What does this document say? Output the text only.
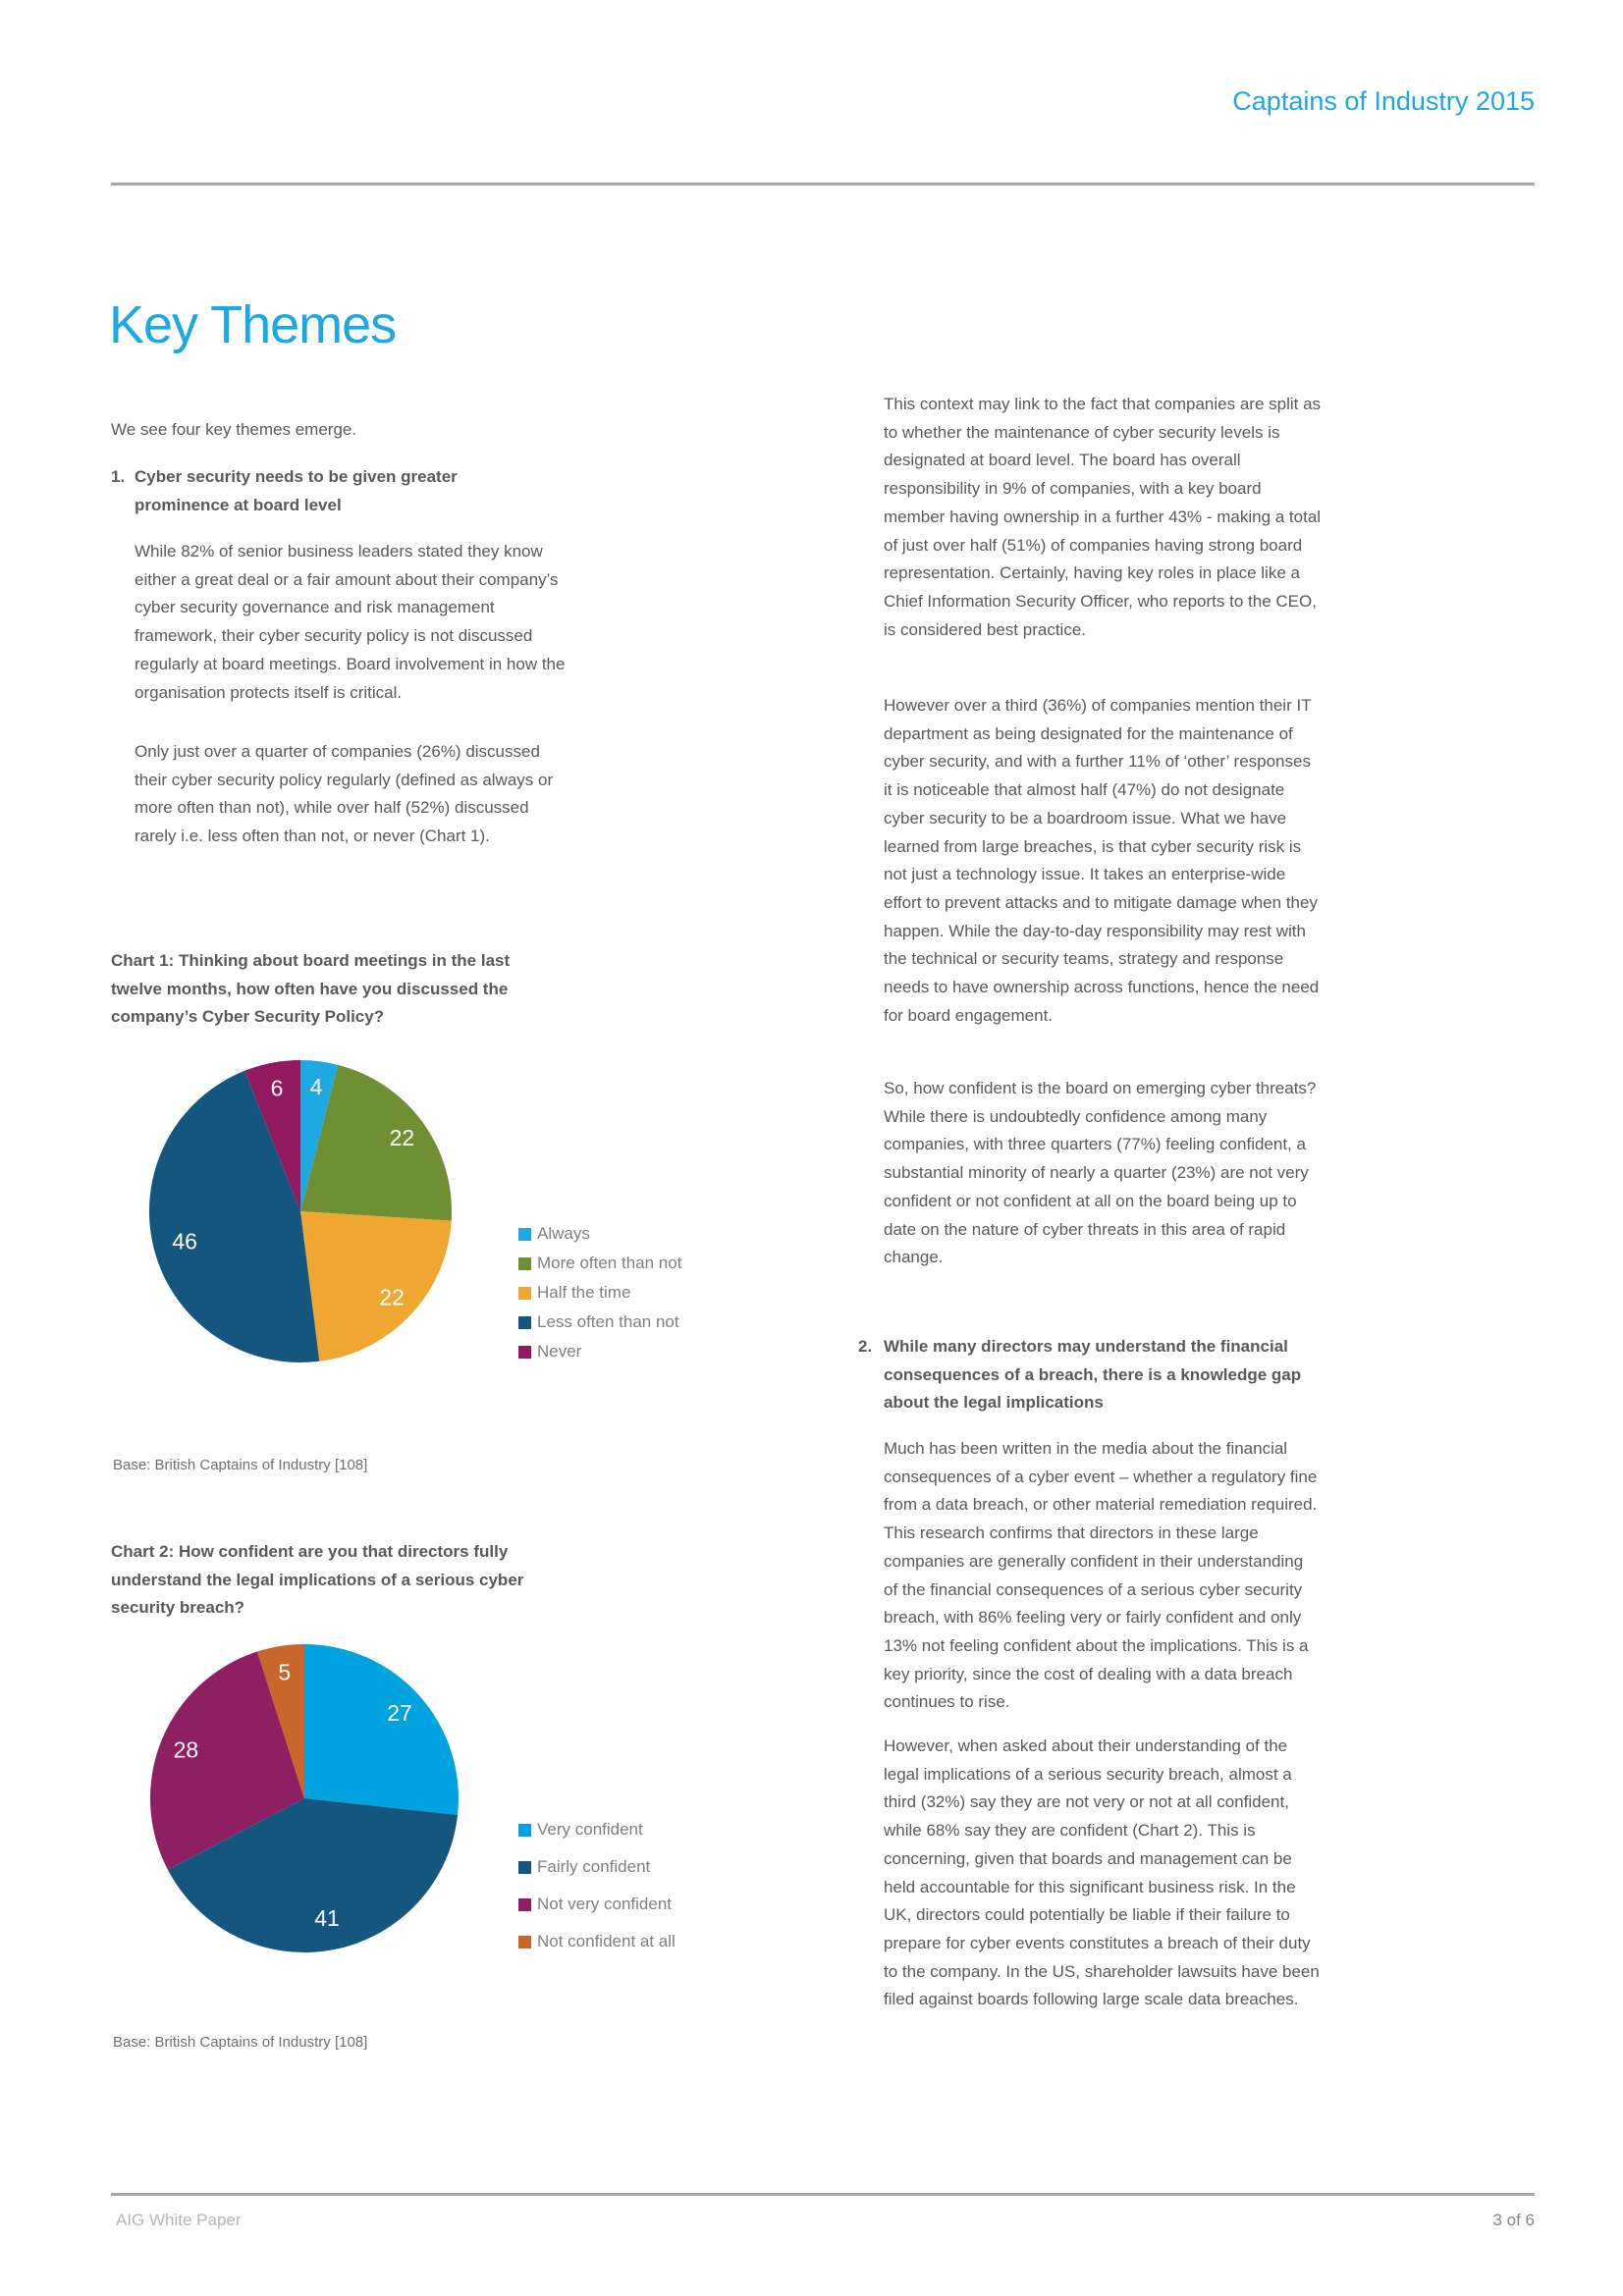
Captains of Industry 2015
Key Themes
We see four key themes emerge.
1. Cyber security needs to be given greater prominence at board level
While 82% of senior business leaders stated they know either a great deal or a fair amount about their company’s cyber security governance and risk management framework, their cyber security policy is not discussed regularly at board meetings. Board involvement in how the organisation protects itself is critical.
Only just over a quarter of companies (26%) discussed their cyber security policy regularly (defined as always or more often than not), while over half (52%) discussed rarely i.e. less often than not, or never (Chart 1).
Chart 1: Thinking about board meetings in the last twelve months, how often have you discussed the company’s Cyber Security Policy?
4
22
22
46
6
Always
More often than not
Half the time
Less often than not
Never
Base: British Captains of Industry [108]
Chart 2: How confident are you that directors fully understand the legal implications of a serious cyber security breach?
27
41
28
5
Very confident
Fairly confident
Not very confident
Not confident at all
Base: British Captains of Industry [108]
This context may link to the fact that companies are split as to whether the maintenance of cyber security levels is designated at board level. The board has overall responsibility in 9% of companies, with a key board member having ownership in a further 43% - making a total of just over half (51%) of companies having strong board representation. Certainly, having key roles in place like a Chief Information Security Officer, who reports to the CEO, is considered best practice.
However over a third (36%) of companies mention their IT department as being designated for the maintenance of cyber security, and with a further 11% of ‘other’ responses it is noticeable that almost half (47%) do not designate cyber security to be a boardroom issue. What we have learned from large breaches, is that cyber security risk is not just a technology issue. It takes an enterprise-wide effort to prevent attacks and to mitigate damage when they happen. While the day-to-day responsibility may rest with the technical or security teams, strategy and response needs to have ownership across functions, hence the need for board engagement.
So, how confident is the board on emerging cyber threats? While there is undoubtedly confidence among many companies, with three quarters (77%) feeling confident, a substantial minority of nearly a quarter (23%) are not very confident or not confident at all on the board being up to date on the nature of cyber threats in this area of rapid change.
2. While many directors may understand the financial consequences of a breach, there is a knowledge gap about the legal implications
Much has been written in the media about the financial consequences of a cyber event – whether a regulatory fine from a data breach, or other material remediation required. This research confirms that directors in these large companies are generally confident in their understanding of the financial consequences of a serious cyber security breach, with 86% feeling very or fairly confident and only 13% not feeling confident about the implications. This is a key priority, since the cost of dealing with a data breach continues to rise.
However, when asked about their understanding of the legal implications of a serious security breach, almost a third (32%) say they are not very or not at all confident, while 68% say they are confident (Chart 2). This is concerning, given that boards and management can be held accountable for this significant business risk. In the UK, directors could potentially be liable if their failure to prepare for cyber events constitutes a breach of their duty to the company. In the US, shareholder lawsuits have been filed against boards following large scale data breaches.
AIG White Paper	3 of 6
